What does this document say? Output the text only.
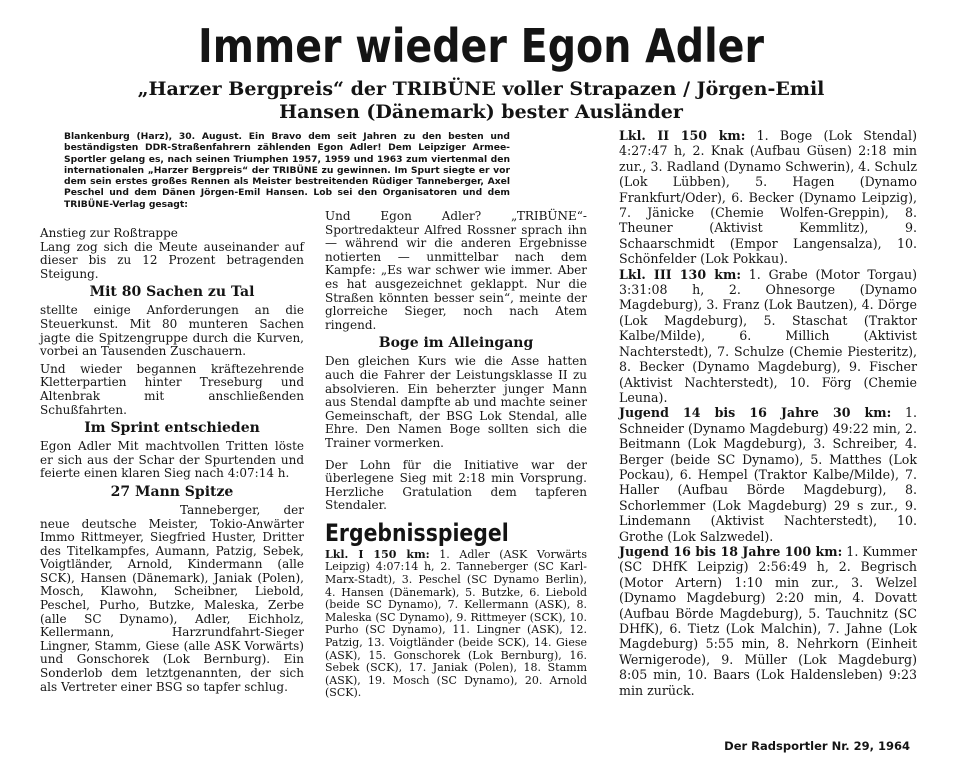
Immer wieder Egon Adler
„Harzer Bergpreis“ der TRIBÜNE voller Strapazen / Jörgen-Emil Hansen (Dänemark) bester Ausländer
Blankenburg (Harz), 30. August. Ein Bravo dem seit Jahren zu den besten und beständigsten DDR-Straßenfahrern zählenden Egon Adler! Dem Leipziger Armee-Sportler gelang es, nach seinen Triumphen 1957, 1959 und 1963 zum viertenmal den internationalen „Harzer Bergpreis“ der TRIBÜNE zu gewinnen. Im Spurt siegte er vor dem sein erstes großes Rennen als Meister bestreitenden Rüdiger Tanneberger, Axel Peschel und dem Dänen Jörgen-Emil Hansen. Lob sei den Organisatoren und dem TRIBÜNE-Verlag gesagt:

Anstieg zur Roßtrappe

Lang zog sich die Meute auseinander auf dieser bis zu 12 Prozent betragenden Steigung.

Mit 80 Sachen zu Tal

stellte einige Anforderungen an die Steuerkunst. Mit 80 munteren Sachen jagte die Spitzengruppe durch die Kurven, vorbei an Tausenden Zuschauern.

Und wieder begannen kräftezehrende Kletterpartien hinter Treseburg und Altenbrak mit anschließenden Schußfahrten.

Im Sprint entschieden

Egon Adler Mit machtvollen Tritten löste er sich aus der Schar der Spurtenden und feierte einen klaren Sieg nach 4:07:14 h.

27 Mann Spitze

Tanneberger, der neue deutsche Meister, Tokio-Anwärter Immo Rittmeyer, Siegfried Huster, Dritter des Titelkampfes, Aumann, Patzig, Sebek, Voigtländer, Arnold, Kindermann (alle SCK), Hansen (Dänemark), Janiak (Polen), Mosch, Klawohn, Scheibner, Liebold, Peschel, Purho, Butzke, Maleska, Zerbe (alle SC Dynamo), Adler, Eichholz, Kellermann, Harzrundfahrt-Sieger Lingner, Stamm, Giese (alle ASK Vorwärts) und Gonschorek (Lok Bernburg). Ein Sonderlob dem letztgenannten, der sich als Vertreter einer BSG so tapfer schlug.

Und Egon Adler? „TRIBÜNE“-Sportredakteur Alfred Rossner sprach ihn — während wir die anderen Ergebnisse notierten — unmittelbar nach dem Kampfe: „Es war schwer wie immer. Aber es hat ausgezeichnet geklappt. Nur die Straßen könnten besser sein“, meinte der glorreiche Sieger, noch nach Atem ringend.

Boge im Alleingang

Den gleichen Kurs wie die Asse hatten auch die Fahrer der Leistungsklasse II zu absolvieren. Ein beherzter junger Mann aus Stendal dampfte ab und machte seiner Gemeinschaft, der BSG Lok Stendal, alle Ehre. Den Namen Boge sollten sich die Trainer vormerken.

Der Lohn für die Initiative war der überlegene Sieg mit 2:18 min Vorsprung. Herzliche Gratulation dem tapferen Stendaler.

Ergebnisspiegel

Lkl. I 150 km: 1. Adler (ASK Vorwärts Leipzig) 4:07:14 h, 2. Tanneberger (SC Karl-Marx-Stadt), 3. Peschel (SC Dynamo Berlin), 4. Hansen (Dänemark), 5. Butzke, 6. Liebold (beide SC Dynamo), 7. Kellermann (ASK), 8. Maleska (SC Dynamo), 9. Rittmeyer (SCK), 10. Purho (SC Dynamo), 11. Lingner (ASK), 12. Patzig, 13. Voigtländer (beide SCK), 14. Giese (ASK), 15. Gonschorek (Lok Bernburg), 16. Sebek (SCK), 17. Janiak (Polen), 18. Stamm (ASK), 19. Mosch (SC Dynamo), 20. Arnold (SCK).

Lkl. II 150 km: 1. Boge (Lok Stendal) 4:27:47 h, 2. Knak (Aufbau Güsen) 2:18 min zur., 3. Radland (Dynamo Schwerin), 4. Schulz (Lok Lübben), 5. Hagen (Dynamo Frankfurt/Oder), 6. Becker (Dynamo Leipzig), 7. Jänicke (Chemie Wolfen-Greppin), 8. Theuner (Aktivist Kemmlitz), 9. Schaarschmidt (Empor Langensalza), 10. Schönfelder (Lok Pokkau).

Lkl. III 130 km: 1. Grabe (Motor Torgau) 3:31:08 h, 2. Ohnesorge (Dynamo Magdeburg), 3. Franz (Lok Bautzen), 4. Dörge (Lok Magdeburg), 5. Staschat (Traktor Kalbe/Milde), 6. Millich (Aktivist Nachterstedt), 7. Schulze (Chemie Piesteritz), 8. Becker (Dynamo Magdeburg), 9. Fischer (Aktivist Nachterstedt), 10. Förg (Chemie Leuna).

Jugend 14 bis 16 Jahre 30 km: 1. Schneider (Dynamo Magdeburg) 49:22 min, 2. Beitmann (Lok Magdeburg), 3. Schreiber, 4. Berger (beide SC Dynamo), 5. Matthes (Lok Pockau), 6. Hempel (Traktor Kalbe/Milde), 7. Haller (Aufbau Börde Magdeburg), 8. Schorlemmer (Lok Magdeburg) 29 s zur., 9. Lindemann (Aktivist Nachterstedt), 10. Grothe (Lok Salzwedel).

Jugend 16 bis 18 Jahre 100 km: 1. Kummer (SC DHfK Leipzig) 2:56:49 h, 2. Begrisch (Motor Artern) 1:10 min zur., 3. Welzel (Dynamo Magdeburg) 2:20 min, 4. Dovatt (Aufbau Börde Magdeburg), 5. Tauchnitz (SC DHfK), 6. Tietz (Lok Malchin), 7. Jahne (Lok Magdeburg) 5:55 min, 8. Nehrkorn (Einheit Wernigerode), 9. Müller (Lok Magdeburg) 8:05 min, 10. Baars (Lok Haldensleben) 9:23 min zurück.

Der Radsportler Nr. 29, 1964
